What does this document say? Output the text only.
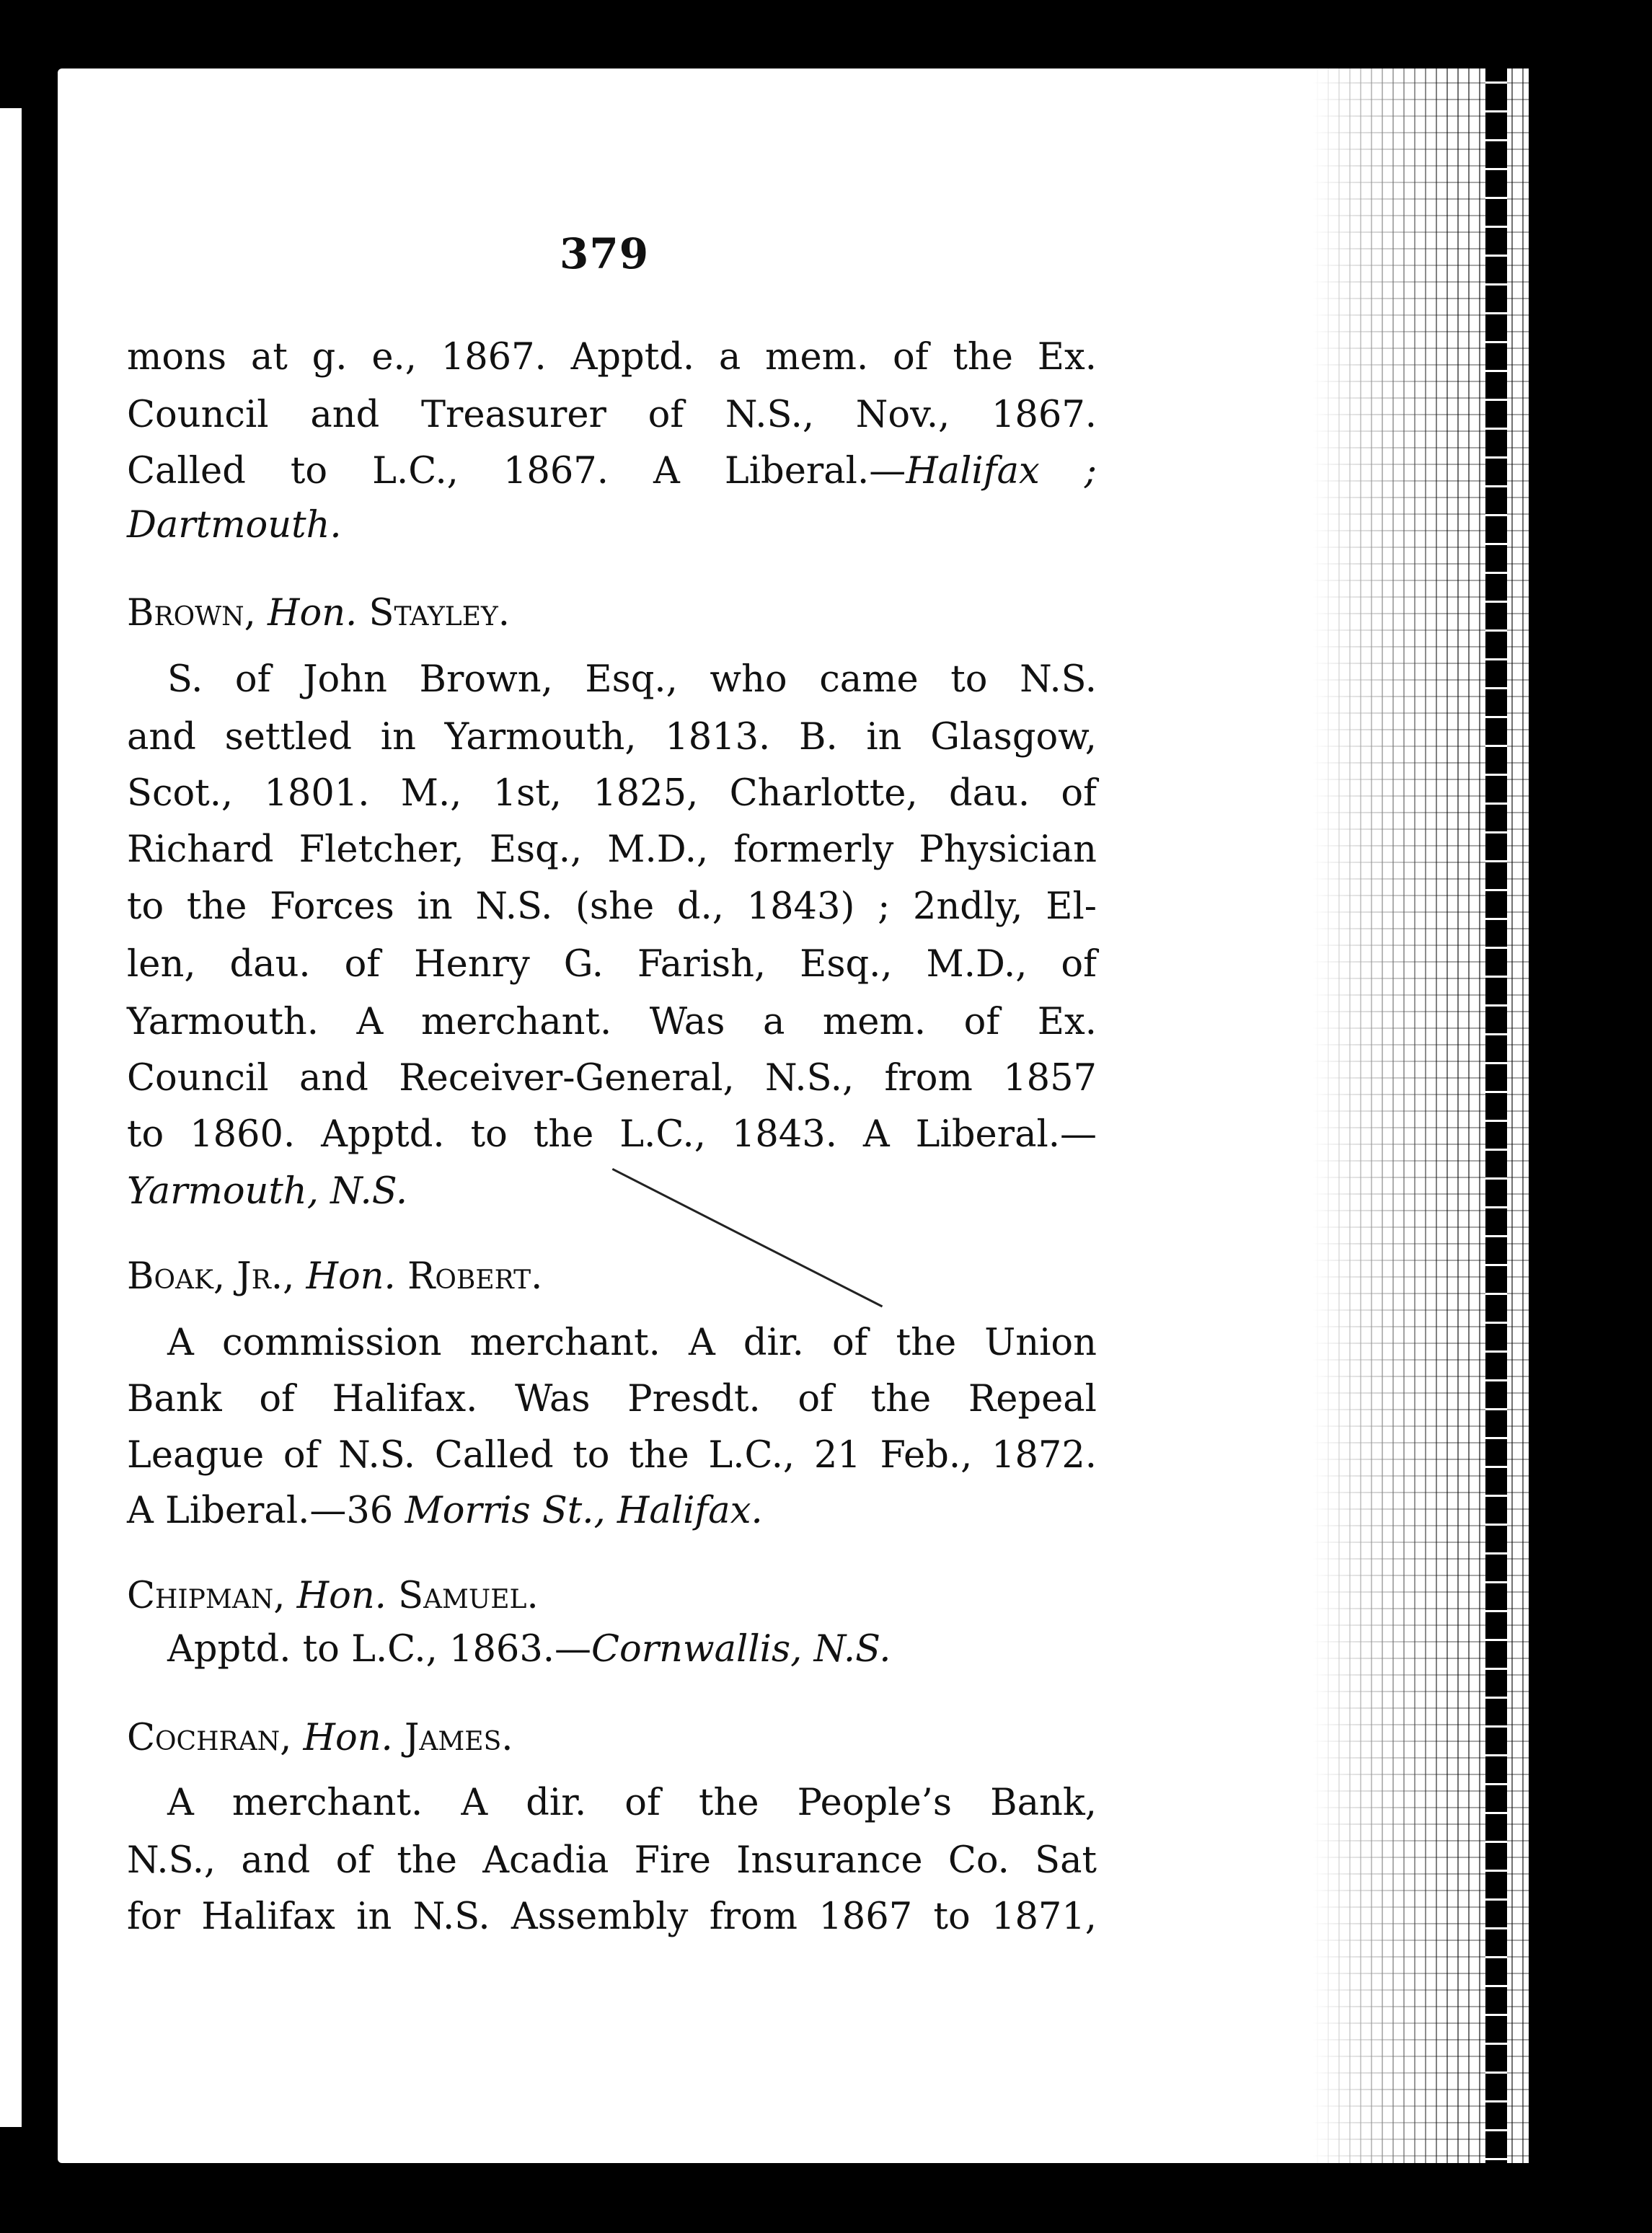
379
mons at g. e., 1867. Apptd. a mem. of the Ex.
Council and Treasurer of N.S., Nov., 1867.
Called to L.C., 1867. A Liberal.—Halifax ;
Dartmouth.
Brown, Hon. Stayley.
S. of John Brown, Esq., who came to N.S.
and settled in Yarmouth, 1813. B. in Glasgow,
Scot., 1801. M., 1st, 1825, Charlotte, dau. of
Richard Fletcher, Esq., M.D., formerly Physician
to the Forces in N.S. (she d., 1843) ; 2ndly, El-
len, dau. of Henry G. Farish, Esq., M.D., of
Yarmouth. A merchant. Was a mem. of Ex.
Council and Receiver-General, N.S., from 1857
to 1860. Apptd. to the L.C., 1843. A Liberal.—
Yarmouth, N.S.
Boak, Jr., Hon. Robert.
A commission merchant. A dir. of the Union
Bank of Halifax. Was Presdt. of the Repeal
League of N.S. Called to the L.C., 21 Feb., 1872.
A Liberal.—36 Morris St., Halifax.
Chipman, Hon. Samuel.
Apptd. to L.C., 1863.—Cornwallis, N.S.
Cochran, Hon. James.
A merchant. A dir. of the People’s Bank,
N.S., and of the Acadia Fire Insurance Co. Sat
for Halifax in N.S. Assembly from 1867 to 1871,
